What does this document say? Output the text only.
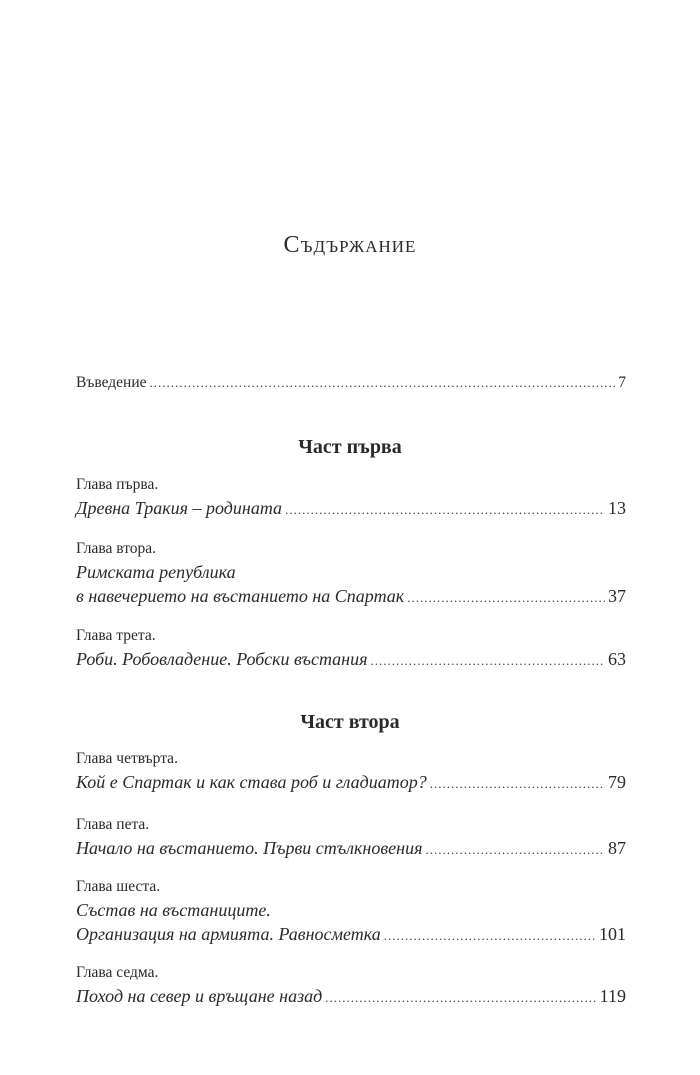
Съдържание
Въведение .....	7
Част първа
Глава първа.
Древна Тракия – родината .....	13
Глава втора.
Римската република
в навечерието на въстанието на Спартак .....	37
Глава трета.
Роби. Робовладение. Робски въстания .....	63
Част втора
Глава четвърта.
Кой е Спартак и как става роб и гладиатор? .....	79
Глава пета.
Начало на въстанието. Първи стълкновения .....	87
Глава шеста.
Състав на въстаниците.
Организация на армията. Равносметка .....	101
Глава седма.
Поход на север и връщане назад .....	119
